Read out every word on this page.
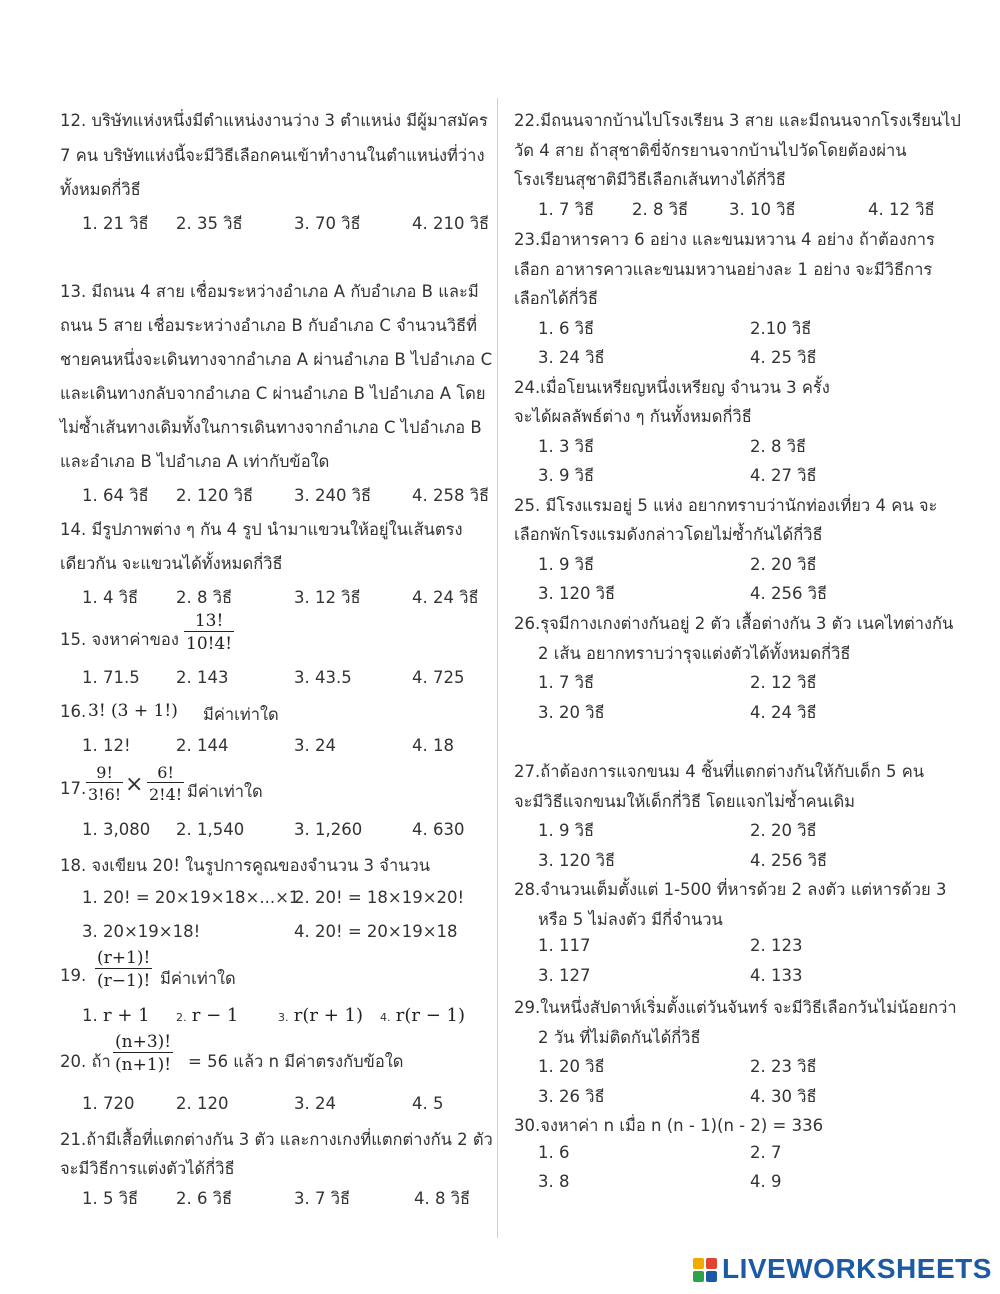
12. บริษัทแห่งหนึ่งมีตำแหน่งงานว่าง 3 ตำแหน่ง มีผู้มาสมัคร
7 คน บริษัทแห่งนี้จะมีวิธีเลือกคนเข้าทำงานในตำแหน่งที่ว่าง
ทั้งหมดกี่วิธี
1. 21 วิธี 2. 35 วิธี	3. 70 วิธี	4. 210 วิธี
13. มีถนน 4 สาย เชื่อมระหว่างอำเภอ A กับอำเภอ B และมี
ถนน 5 สาย เชื่อมระหว่างอำเภอ B กับอำเภอ C จำนวนวิธีที่
ชายคนหนึ่งจะเดินทางจากอำเภอ A ผ่านอำเภอ B ไปอำเภอ C
และเดินทางกลับจากอำเภอ C ผ่านอำเภอ B ไปอำเภอ A โดย
ไม่ซ้ำเส้นทางเดิมทั้งในการเดินทางจากอำเภอ C ไปอำเภอ B
และอำเภอ B ไปอำเภอ A เท่ากับข้อใด
1. 64 วิธี 2. 120 วิธี 3. 240 วิธี 4. 258 วิธี
14. มีรูปภาพต่าง ๆ กัน 4 รูป นำมาแขวนให้อยู่ในเส้นตรง
เดียวกัน จะแขวนได้ทั้งหมดกี่วิธี
1. 4 วิธี 2. 8 วิธี	3. 12 วิธี	4. 24 วิธี
15. จงหาค่าของ $\frac{13!}{10!4!}$
1. 71.5 2. 143	3. 43.5	4. 725
16. 3! (3 + 1!) มีค่าเท่าใด
1. 12!	2. 144	3. 24	4. 18
17. $\frac{9!}{3!6!} \times \frac{6!}{2!4!}$ มีค่าเท่าใด
1. 3,080 2. 1,540	3. 1,260	4. 630
18. จงเขียน 20! ในรูปการคูณของจำนวน 3 จำนวน
1. 20! = 20×19×18×...×1
2. 20! = 18×19×20!
3. 20×19×18!	4. 20! = 20×19×18
19. $\frac{(r+1)!}{(r-1)!}$ มีค่าเท่าใด
1. r + 1 2. r − 1	3. r(r + 1) 4. r(r − 1)
20. ถ้า $\frac{(n+3)!}{(n+1)!} = 56$ แล้ว n มีค่าตรงกับข้อใด
1. 720	2. 120	3. 24	4. 5
21.ถ้ามีเสื้อที่แตกต่างกัน 3 ตัว และกางเกงที่แตกต่างกัน 2 ตัว
จะมีวิธีการแต่งตัวได้กี่วิธี
1. 5 วิธี 2. 6 วิธี	3. 7 วิธี	4. 8 วิธี
22.มีถนนจากบ้านไปโรงเรียน 3 สาย และมีถนนจากโรงเรียนไป
วัด 4 สาย ถ้าสุชาติขี่จักรยานจากบ้านไปวัดโดยต้องผ่าน
โรงเรียนสุชาติมีวิธีเลือกเส้นทางได้กี่วิธี
1. 7 วิธี 2. 8 วิธี 3. 10 วิธี	4. 12 วิธี
23.มีอาหารคาว 6 อย่าง และขนมหวาน 4 อย่าง ถ้าต้องการ
เลือก อาหารคาวและขนมหวานอย่างละ 1 อย่าง จะมีวิธีการ
เลือกได้กี่วิธี
1. 6 วิธี	2.10 วิธี
3. 24 วิธี	4. 25 วิธี
24.เมื่อโยนเหรียญหนึ่งเหรียญ จำนวน 3 ครั้ง
จะได้ผลลัพธ์ต่าง ๆ กันทั้งหมดกี่วิธี
1. 3 วิธี	2. 8 วิธี
3. 9 วิธี	4. 27 วิธี
25. มีโรงแรมอยู่ 5 แห่ง อยากทราบว่านักท่องเที่ยว 4 คน จะ
เลือกพักโรงแรมดังกล่าวโดยไม่ซ้ำกันได้กี่วิธี
1. 9 วิธี	2. 20 วิธี
3. 120 วิธี	4. 256 วิธี
26.รุจมีกางเกงต่างกันอยู่ 2 ตัว เสื้อต่างกัน 3 ตัว เนคไทต่างกัน
2 เส้น อยากทราบว่ารุจแต่งตัวได้ทั้งหมดกี่วิธี
1. 7 วิธี	2. 12 วิธี
3. 20 วิธี	4. 24 วิธี
27.ถ้าต้องการแจกขนม 4 ชิ้นที่แตกต่างกันให้กับเด็ก 5 คน
จะมีวิธีแจกขนมให้เด็กกี่วิธี โดยแจกไม่ซ้ำคนเดิม
1. 9 วิธี	2. 20 วิธี
3. 120 วิธี	4. 256 วิธี
28.จำนวนเต็มตั้งแต่ 1-500 ที่หารด้วย 2 ลงตัว แต่หารด้วย 3
หรือ 5 ไม่ลงตัว มีกี่จำนวน
1. 117	2. 123
3. 127	4. 133
29.ในหนึ่งสัปดาห์เริ่มตั้งแต่วันจันทร์ จะมีวิธีเลือกวันไม่น้อยกว่า
2 วัน ที่ไม่ติดกันได้กี่วิธี
1. 20 วิธี	2. 23 วิธี
3. 26 วิธี	4. 30 วิธี
30.จงหาค่า n เมื่อ n (n - 1)(n - 2) = 336
1. 6	2. 7
3. 8	4. 9
LIVEWORKSHEETS
